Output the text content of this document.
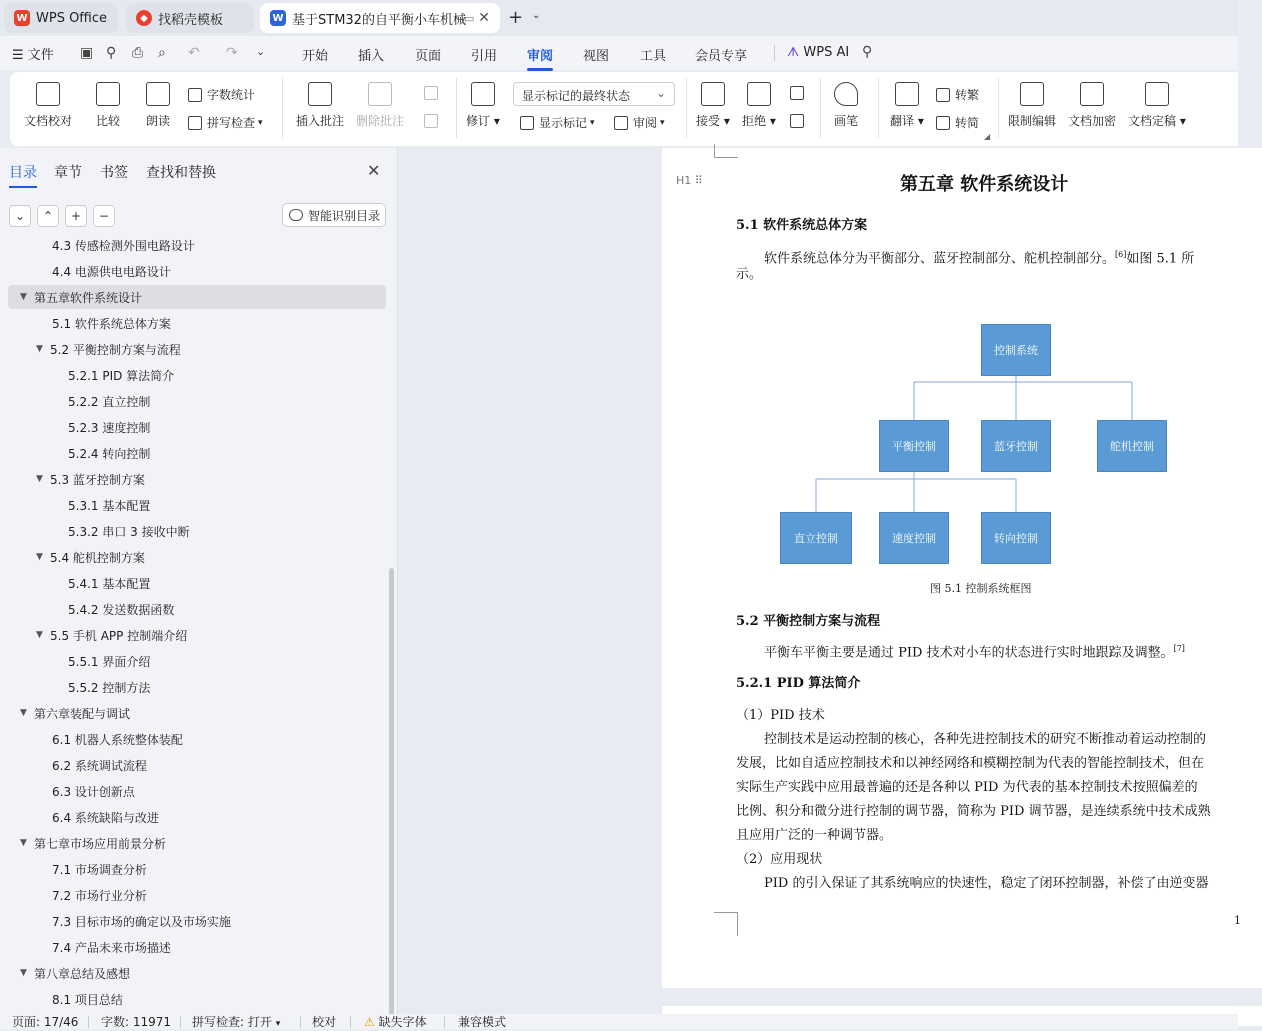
W WPS Office	◆ 找稻壳模板	W 基于STM32的自平衡小车机械
▭ ✕ + ⌄
☰ 文件 ▣ ⚲ ⎙ ⌕ ↶ ↷ ⌄	开始 插入 页面 引用 审阅 视图 工具 会员专享	ᗑ WPS AI ⚲
文档校对 比较 朗读
字数统计
拼写检查 ▾	插入批注 删除批注	修订 ▾
显示标记的最终状态 ⌄
显示标记 ▾	审阅 ▾	接受 ▾ 拒绝 ▾	画笔	翻译 ▾
转繁
转简
◢
限制编辑 文档加密 文档定稿 ▾
目录 章节 书签 查找和替换	✕
⌄ ⌃ + −	智能识别目录
4.3 传感检测外围电路设计
4.4 电源供电电路设计
▼ 第五章软件系统设计
5.1 软件系统总体方案
▼ 5.2 平衡控制方案与流程
5.2.1 PID 算法简介
5.2.2 直立控制
5.2.3 速度控制
5.2.4 转向控制
▼ 5.3 蓝牙控制方案
5.3.1 基本配置
5.3.2 串口 3 接收中断
▼ 5.4 舵机控制方案
5.4.1 基本配置
5.4.2 发送数据函数
▼ 5.5 手机 APP 控制端介绍
5.5.1 界面介绍
5.5.2 控制方法
▼ 第六章装配与调试
6.1 机器人系统整体装配
6.2 系统调试流程
6.3 设计创新点
6.4 系统缺陷与改进
▼ 第七章市场应用前景分析
7.1 市场调查分析
7.2 市场行业分析
7.3 目标市场的确定以及市场实施
7.4 产品未来市场描述
▼ 第八章总结及感想
8.1 项目总结
H1 ⠿	第五章 软件系统设计
5.1 软件系统总体方案
软件系统总体分为平衡部分、蓝牙控制部分、舵机控制部分。[6]如图 5.1 所
示。
控制系统
平衡控制	蓝牙控制	舵机控制
直立控制	速度控制	转向控制
图 5.1 控制系统框图
5.2 平衡控制方案与流程
平衡车平衡主要是通过 PID 技术对小车的状态进行实时地跟踪及调整。[7]
5.2.1 PID 算法简介
（1）PID 技术
控制技术是运动控制的核心，各种先进控制技术的研究不断推动着运动控制的
发展，比如自适应控制技术和以神经网络和模糊控制为代表的智能控制技术，但在
实际生产实践中应用最普遍的还是各种以 PID 为代表的基本控制技术按照偏差的
比例、积分和微分进行控制的调节器，简称为 PID 调节器，是连续系统中技术成熟
且应用广泛的一种调节器。
（2）应用现状
PID 的引入保证了其系统响应的快速性，稳定了闭环控制器，补偿了由逆变器
1
页面: 17/46 字数: 11971 拼写检查: 打开 ▾	校对 ⚠ 缺失字体	兼容模式
